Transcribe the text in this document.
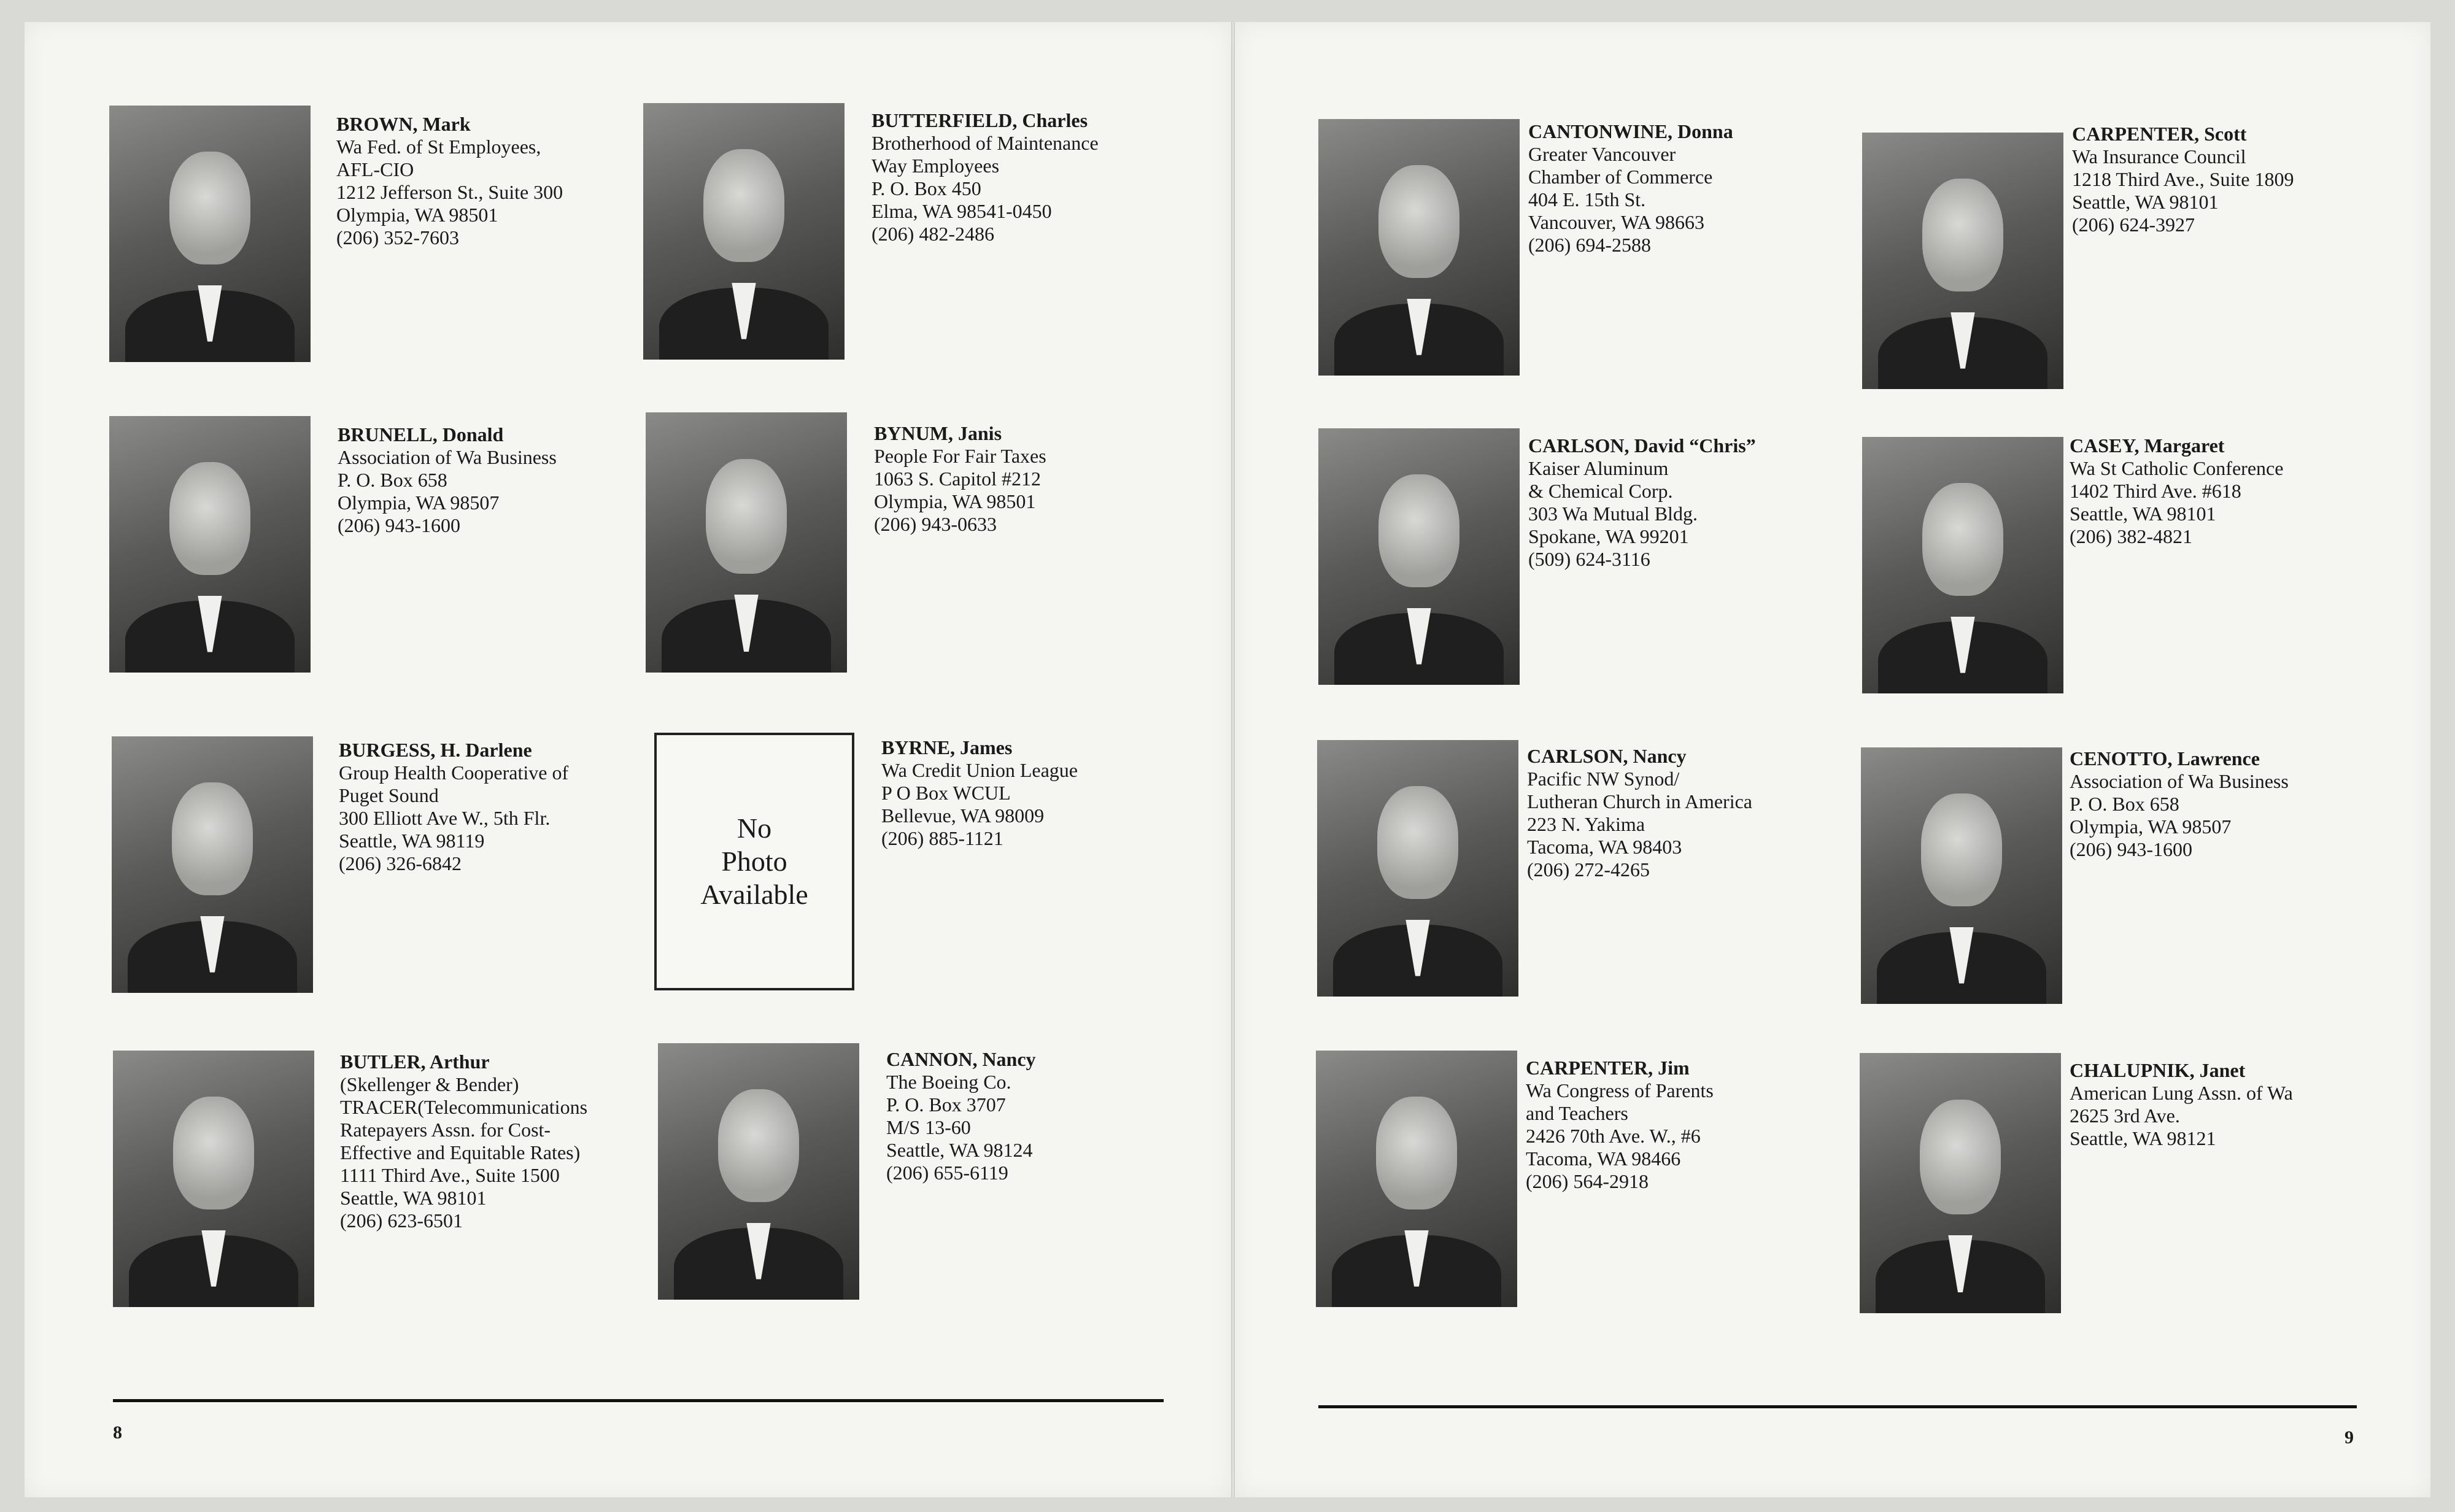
BROWN, Mark
Wa Fed. of St Employees,
AFL-CIO
1212 Jefferson St., Suite 300
Olympia, WA 98501
(206) 352-7603
BUTTERFIELD, Charles
Brotherhood of Maintenance
Way Employees
P. O. Box 450
Elma, WA 98541-0450
(206) 482-2486
BRUNELL, Donald
Association of Wa Business
P. O. Box 658
Olympia, WA 98507
(206) 943-1600
BYNUM, Janis
People For Fair Taxes
1063 S. Capitol #212
Olympia, WA 98501
(206) 943-0633
BURGESS, H. Darlene
Group Health Cooperative of
Puget Sound
300 Elliott Ave W., 5th Flr.
Seattle, WA 98119
(206) 326-6842
No
Photo
Available
BYRNE, James
Wa Credit Union League
P O Box WCUL
Bellevue, WA 98009
(206) 885-1121
BUTLER, Arthur
(Skellenger & Bender)
TRACER(Telecommunications
Ratepayers Assn. for Cost-
Effective and Equitable Rates)
1111 Third Ave., Suite 1500
Seattle, WA 98101
(206) 623-6501
CANNON, Nancy
The Boeing Co.
P. O. Box 3707
M/S 13-60
Seattle, WA 98124
(206) 655-6119
8
CANTONWINE, Donna
Greater Vancouver
Chamber of Commerce
404 E. 15th St.
Vancouver, WA 98663
(206) 694-2588
CARPENTER, Scott
Wa Insurance Council
1218 Third Ave., Suite 1809
Seattle, WA 98101
(206) 624-3927
CARLSON, David “Chris”
Kaiser Aluminum
& Chemical Corp.
303 Wa Mutual Bldg.
Spokane, WA 99201
(509) 624-3116
CASEY, Margaret
Wa St Catholic Conference
1402 Third Ave. #618
Seattle, WA 98101
(206) 382-4821
CARLSON, Nancy
Pacific NW Synod/
Lutheran Church in America
223 N. Yakima
Tacoma, WA 98403
(206) 272-4265
CENOTTO, Lawrence
Association of Wa Business
P. O. Box 658
Olympia, WA 98507
(206) 943-1600
CARPENTER, Jim
Wa Congress of Parents
and Teachers
2426 70th Ave. W., #6
Tacoma, WA 98466
(206) 564-2918
CHALUPNIK, Janet
American Lung Assn. of Wa
2625 3rd Ave.
Seattle, WA 98121
9
